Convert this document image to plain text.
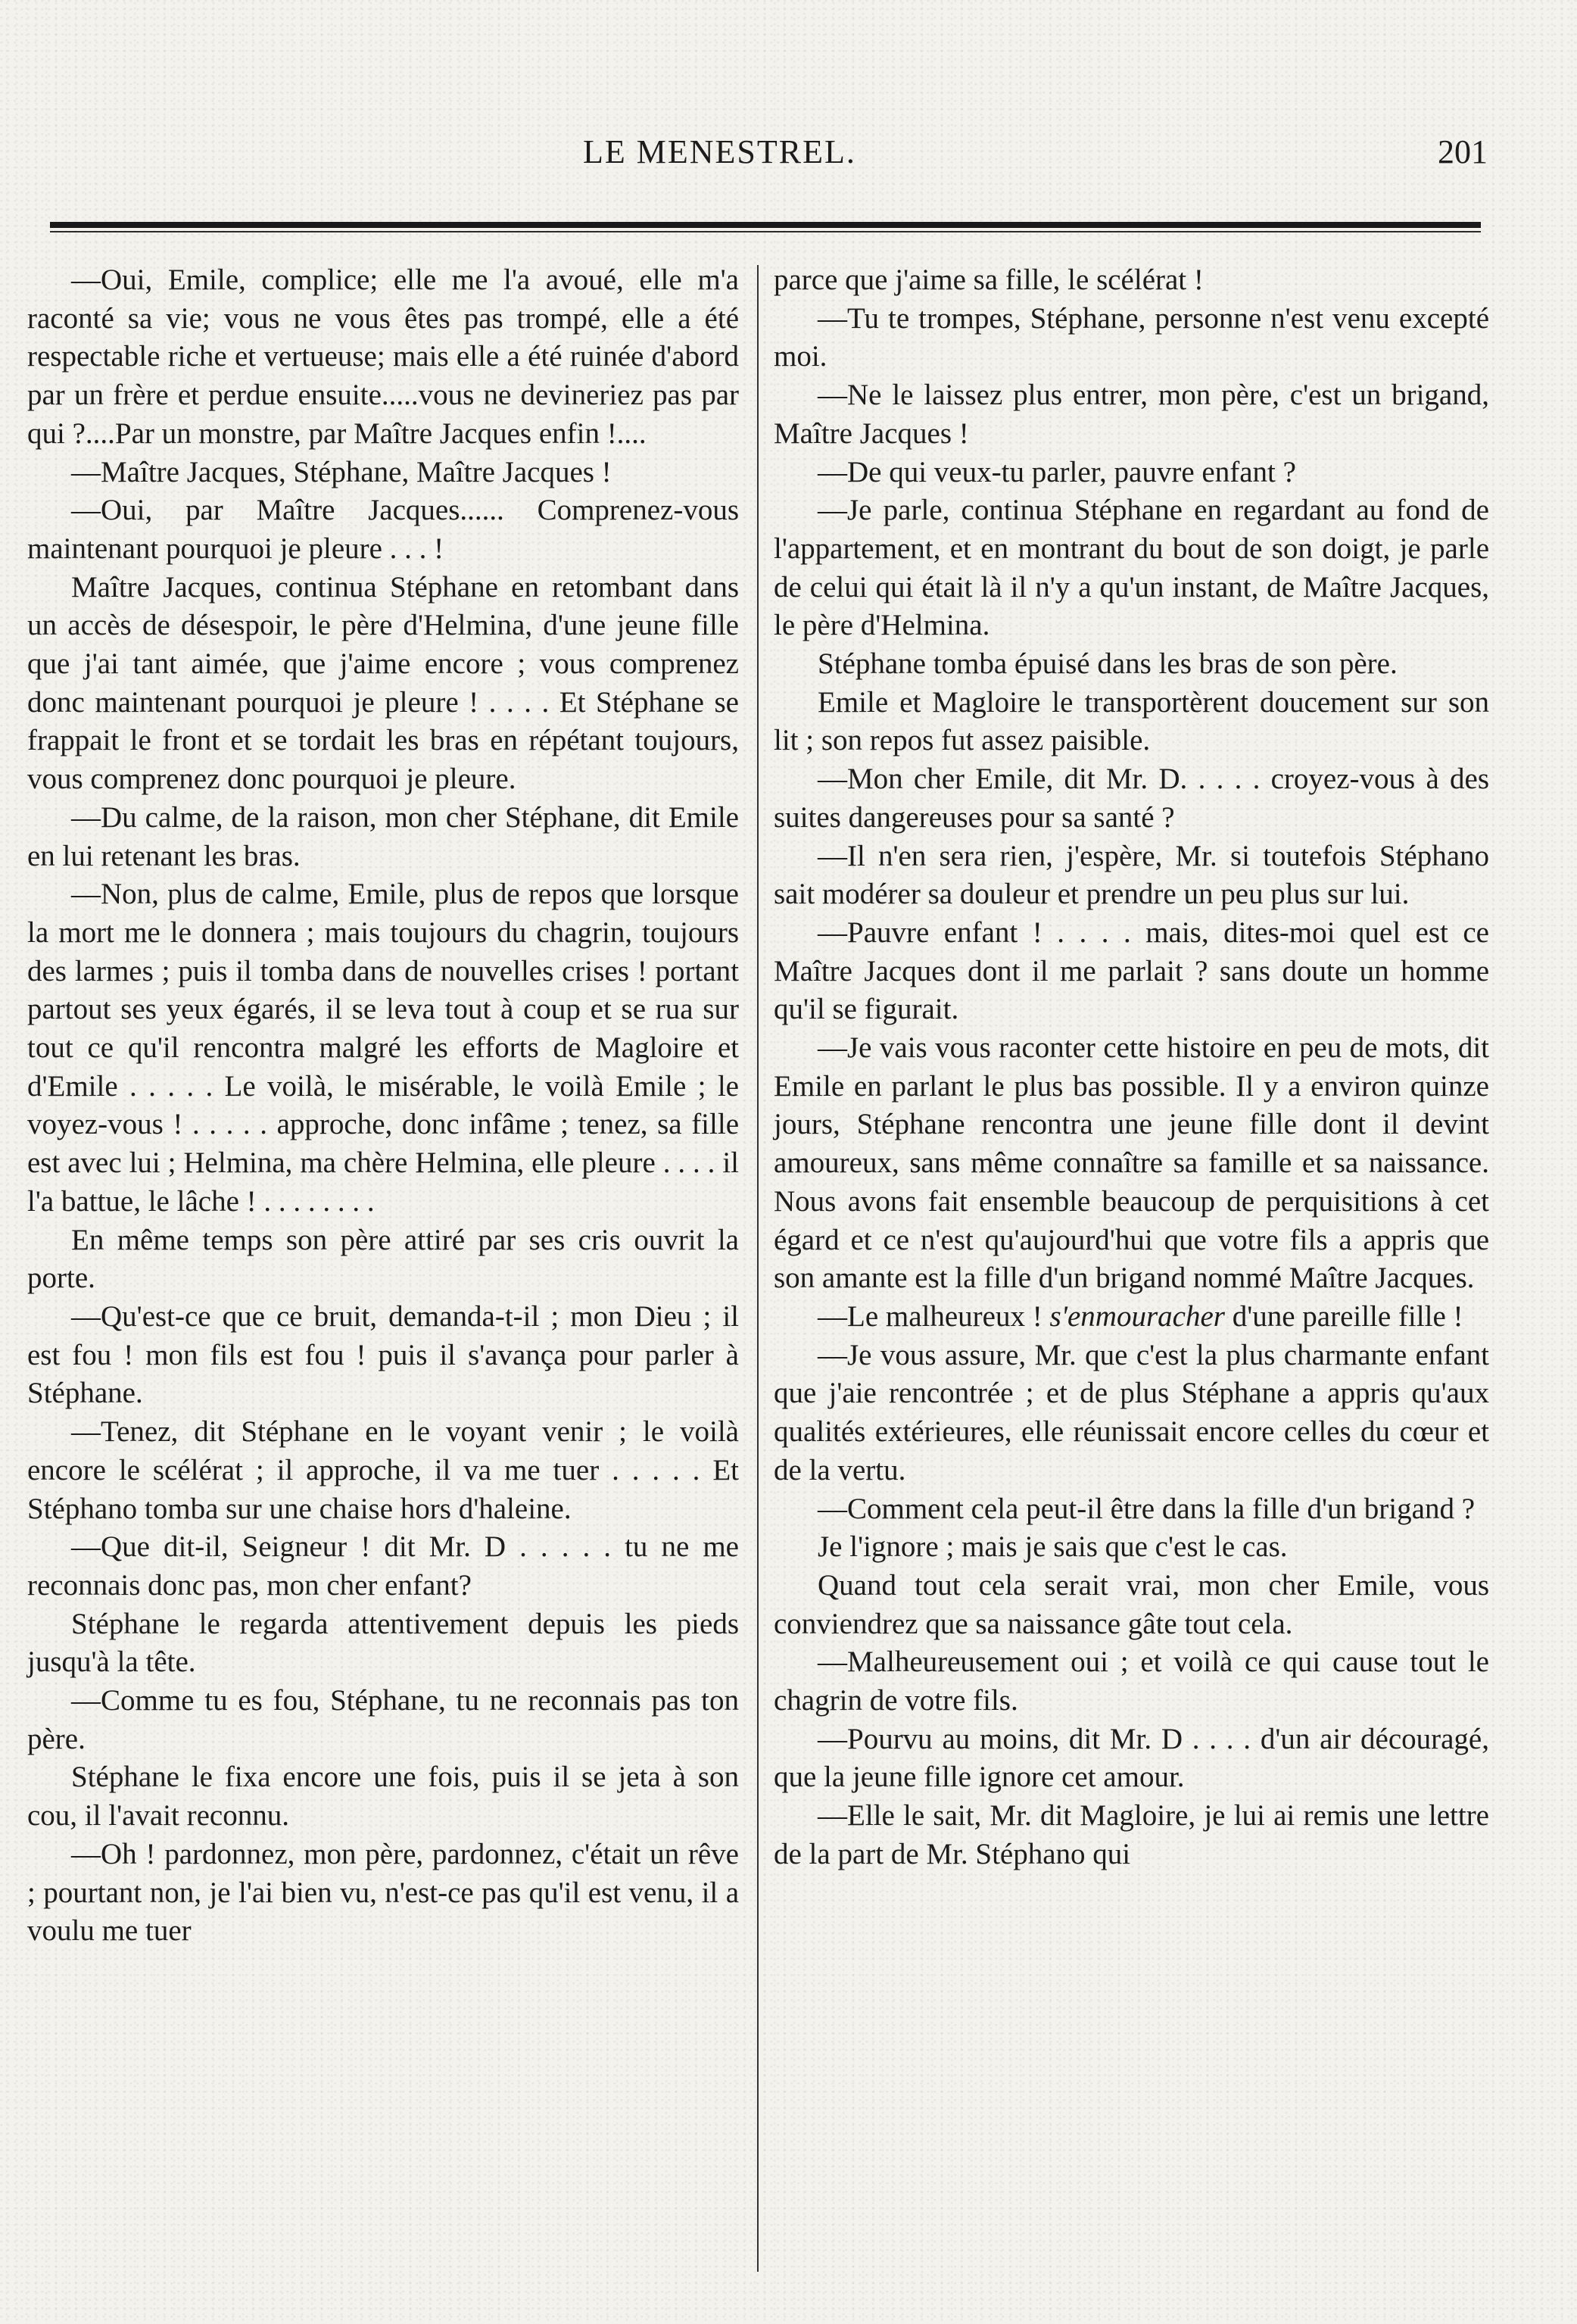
LE MENESTREL.	201

—Oui, Emile, complice; elle me l'a avoué, elle m'a raconté sa vie; vous ne vous êtes pas trompé, elle a été respectable riche et vertueuse; mais elle a été ruinée d'abord par un frère et perdue ensuite.....vous ne devineriez pas par qui ?....Par un monstre, par Maître Jacques enfin !....

—Maître Jacques, Stéphane, Maître Jacques !

—Oui, par Maître Jacques...... Comprenez-vous maintenant pourquoi je pleure . . . !

Maître Jacques, continua Stéphane en retombant dans un accès de désespoir, le père d'Helmina, d'une jeune fille que j'ai tant aimée, que j'aime encore ; vous comprenez donc maintenant pourquoi je pleure ! . . . . Et Stéphane se frappait le front et se tordait les bras en répétant toujours, vous comprenez donc pourquoi je pleure.

—Du calme, de la raison, mon cher Stéphane, dit Emile en lui retenant les bras.

—Non, plus de calme, Emile, plus de repos que lorsque la mort me le donnera ; mais toujours du chagrin, toujours des larmes ; puis il tomba dans de nouvelles crises ! portant partout ses yeux égarés, il se leva tout à coup et se rua sur tout ce qu'il rencontra malgré les efforts de Magloire et d'Emile . . . . . Le voilà, le misérable, le voilà Emile ; le voyez-vous ! . . . . . approche, donc infâme ; tenez, sa fille est avec lui ; Helmina, ma chère Helmina, elle pleure . . . . il l'a battue, le lâche ! . . . . . . . .

En même temps son père attiré par ses cris ouvrit la porte.

—Qu'est-ce que ce bruit, demanda-t-il ; mon Dieu ; il est fou ! mon fils est fou ! puis il s'avança pour parler à Stéphane.

—Tenez, dit Stéphane en le voyant venir ; le voilà encore le scélérat ; il approche, il va me tuer . . . . . Et Stéphano tomba sur une chaise hors d'haleine.

—Que dit-il, Seigneur ! dit Mr. D . . . . . tu ne me reconnais donc pas, mon cher enfant?

Stéphane le regarda attentivement depuis les pieds jusqu'à la tête.

—Comme tu es fou, Stéphane, tu ne reconnais pas ton père.

Stéphane le fixa encore une fois, puis il se jeta à son cou, il l'avait reconnu.

—Oh ! pardonnez, mon père, pardonnez, c'était un rêve ; pourtant non, je l'ai bien vu, n'est-ce pas qu'il est venu, il a voulu me tuer

parce que j'aime sa fille, le scélérat !

—Tu te trompes, Stéphane, personne n'est venu excepté moi.

—Ne le laissez plus entrer, mon père, c'est un brigand, Maître Jacques !

—De qui veux-tu parler, pauvre enfant ?

—Je parle, continua Stéphane en regardant au fond de l'appartement, et en montrant du bout de son doigt, je parle de celui qui était là il n'y a qu'un instant, de Maître Jacques, le père d'Helmina.

Stéphane tomba épuisé dans les bras de son père.

Emile et Magloire le transportèrent doucement sur son lit ; son repos fut assez paisible.

—Mon cher Emile, dit Mr. D. . . . . croyez-vous à des suites dangereuses pour sa santé ?

—Il n'en sera rien, j'espère, Mr. si toutefois Stéphano sait modérer sa douleur et prendre un peu plus sur lui.

—Pauvre enfant ! . . . . mais, dites-moi quel est ce Maître Jacques dont il me parlait ? sans doute un homme qu'il se figurait.

—Je vais vous raconter cette histoire en peu de mots, dit Emile en parlant le plus bas possible. Il y a environ quinze jours, Stéphane rencontra une jeune fille dont il devint amoureux, sans même connaître sa famille et sa naissance. Nous avons fait ensemble beaucoup de perquisitions à cet égard et ce n'est qu'aujourd'hui que votre fils a appris que son amante est la fille d'un brigand nommé Maître Jacques.

—Le malheureux ! s'enmouracher d'une pareille fille !

—Je vous assure, Mr. que c'est la plus charmante enfant que j'aie rencontrée ; et de plus Stéphane a appris qu'aux qualités extérieures, elle réunissait encore celles du cœur et de la vertu.

—Comment cela peut-il être dans la fille d'un brigand ?

Je l'ignore ; mais je sais que c'est le cas.

Quand tout cela serait vrai, mon cher Emile, vous conviendrez que sa naissance gâte tout cela.

—Malheureusement oui ; et voilà ce qui cause tout le chagrin de votre fils.

—Pourvu au moins, dit Mr. D . . . . d'un air découragé, que la jeune fille ignore cet amour.

—Elle le sait, Mr. dit Magloire, je lui ai remis une lettre de la part de Mr. Stéphano qui
